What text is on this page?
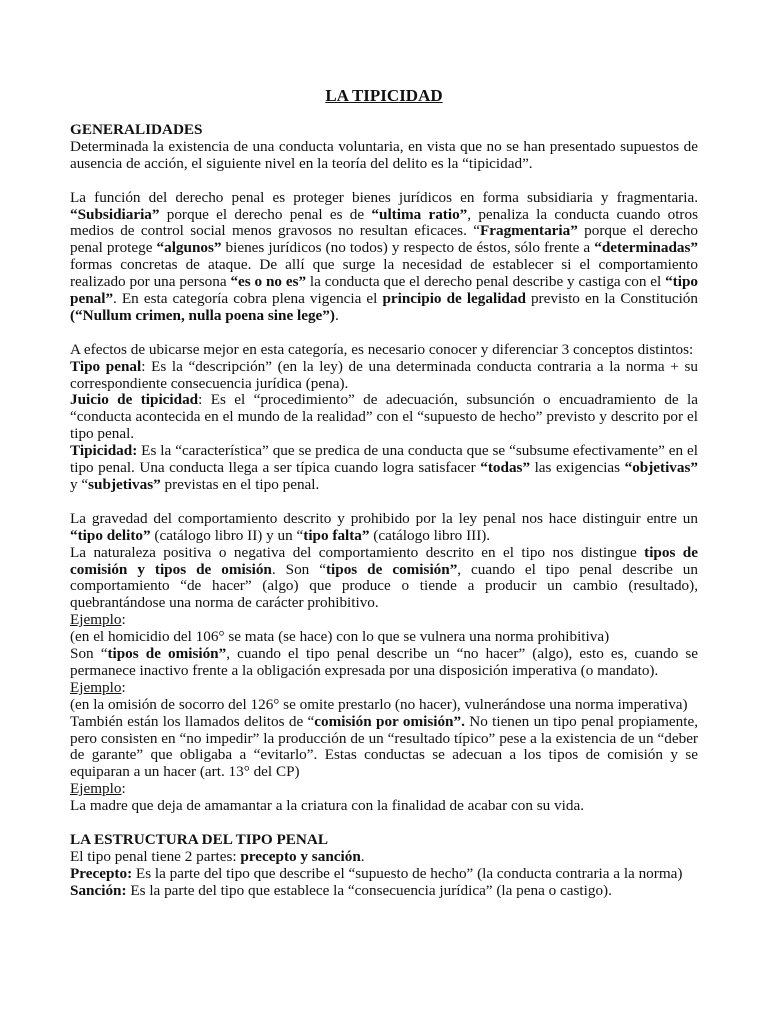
LA TIPICIDAD
GENERALIDADES

Determinada la existencia de una conducta voluntaria, en vista que no se han presentado supuestos de ausencia de acción, el siguiente nivel en la teoría del delito es la “tipicidad”.

La función del derecho penal es proteger bienes jurídicos en forma subsidiaria y fragmentaria. “Subsidiaria” porque el derecho penal es de “ultima ratio”, penaliza la conducta cuando otros medios de control social menos gravosos no resultan eficaces. “Fragmentaria” porque el derecho penal protege “algunos” bienes jurídicos (no todos) y respecto de éstos, sólo frente a “determinadas” formas concretas de ataque. De allí que surge la necesidad de establecer si el comportamiento realizado por una persona “es o no es” la conducta que el derecho penal describe y castiga con el “tipo penal”. En esta categoría cobra plena vigencia el principio de legalidad previsto en la Constitución (“Nullum crimen, nulla poena sine lege”).

A efectos de ubicarse mejor en esta categoría, es necesario conocer y diferenciar 3 conceptos distintos:

Tipo penal: Es la “descripción” (en la ley) de una determinada conducta contraria a la norma + su correspondiente consecuencia jurídica (pena).

Juicio de tipicidad: Es el “procedimiento” de adecuación, subsunción o encuadramiento de la “conducta acontecida en el mundo de la realidad” con el “supuesto de hecho” previsto y descrito por el tipo penal.

Tipicidad: Es la “característica” que se predica de una conducta que se “subsume efectivamente” en el tipo penal. Una conducta llega a ser típica cuando logra satisfacer “todas” las exigencias “objetivas” y “subjetivas” previstas en el tipo penal.

La gravedad del comportamiento descrito y prohibido por la ley penal nos hace distinguir entre un “tipo delito” (catálogo libro II) y un “tipo falta” (catálogo libro III).

La naturaleza positiva o negativa del comportamiento descrito en el tipo nos distingue tipos de comisión y tipos de omisión. Son “tipos de comisión”, cuando el tipo penal describe un comportamiento “de hacer” (algo) que produce o tiende a producir un cambio (resultado), quebrantándose una norma de carácter prohibitivo.

Ejemplo:

(en el homicidio del 106° se mata (se hace) con lo que se vulnera una norma prohibitiva)

Son “tipos de omisión”, cuando el tipo penal describe un “no hacer” (algo), esto es, cuando se permanece inactivo frente a la obligación expresada por una disposición imperativa (o mandato).

Ejemplo:

(en la omisión de socorro del 126° se omite prestarlo (no hacer), vulnerándose una norma imperativa)

También están los llamados delitos de “comisión por omisión”. No tienen un tipo penal propiamente, pero consisten en “no impedir” la producción de un “resultado típico” pese a la existencia de un “deber de garante” que obligaba a “evitarlo”. Estas conductas se adecuan a los tipos de comisión y se equiparan a un hacer (art. 13° del CP)

Ejemplo:

La madre que deja de amamantar a la criatura con la finalidad de acabar con su vida.

LA ESTRUCTURA DEL TIPO PENAL

El tipo penal tiene 2 partes: precepto y sanción.

Precepto: Es la parte del tipo que describe el “supuesto de hecho” (la conducta contraria a la norma)

Sanción: Es la parte del tipo que establece la “consecuencia jurídica” (la pena o castigo).
